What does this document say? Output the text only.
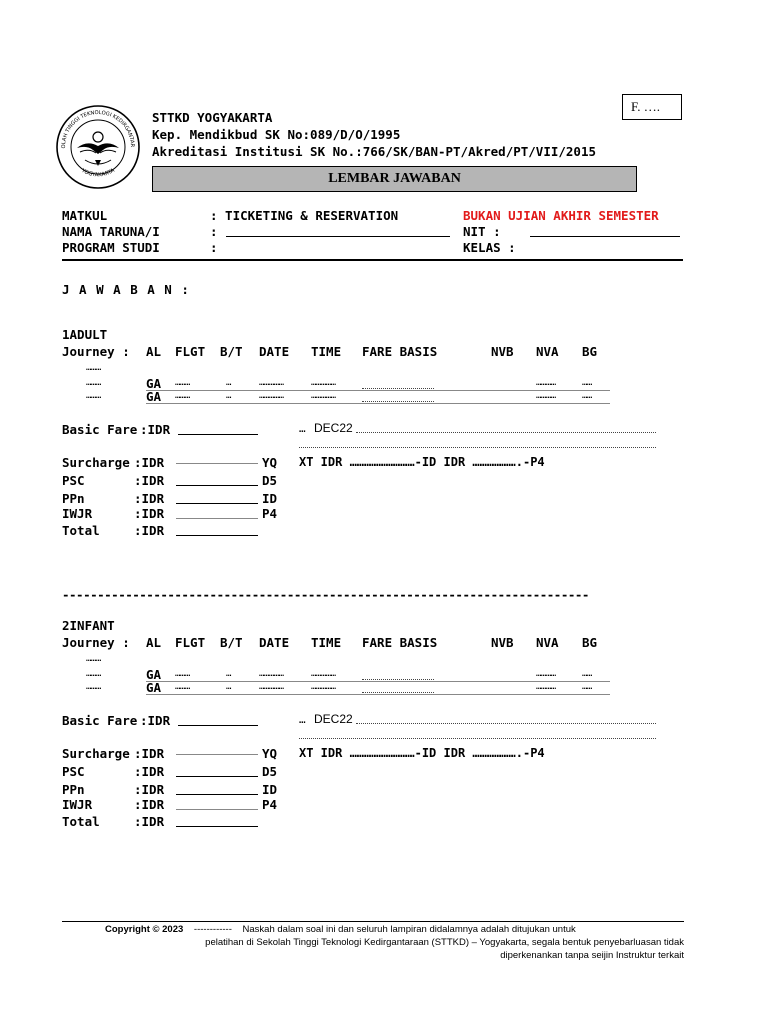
OLAH TINGGI TEKNOLOGI KEDIRGANTAR
YOGYAKARTA
F. ….
STTKD YOGYAKARTA
Kep. Mendikbud SK No:089/D/O/1995
Akreditasi Institusi SK No.:766/SK/BAN-PT/Akred/PT/VII/2015
LEMBAR JAWABAN
MATKUL	: TICKETING & RESERVATION	BUKAN UJIAN AKHIR SEMESTER
NAMA TARUNA/I	:	NIT :
PROGRAM STUDI	:	KELAS :
J A W A B A N :
1ADULT
Journey : AL FLGT B/T DATE TIME FARE BASIS	NVB NVA BG
………
………	GA ………	…	……………	……………	…………	……
………	GA ………	…	……………	……………	…………	……
Basic Fare :IDR	… DEC22
Surcharge :IDR	YQ XT IDR ………………………-ID IDR ……………….-P4
PSC	:IDR	D5
PPn	:IDR	ID
IWJR	:IDR	P4
Total	:IDR
2INFANT
Journey : AL FLGT B/T DATE TIME FARE BASIS	NVB NVA BG
………
………	GA ………	…	……………	……………	…………	……
………	GA ………	…	……………	……………	…………	……
Basic Fare :IDR	… DEC22
Surcharge :IDR	YQ XT IDR ………………………-ID IDR ……………….-P4
PSC	:IDR	D5
PPn	:IDR	ID
IWJR	:IDR	P4
Total	:IDR
---------------------------------------------------------------------------
Copyright © 2023 ------------ Naskah dalam soal ini dan seluruh lampiran didalamnya adalah ditujukan untuk
pelatihan di Sekolah Tinggi Teknologi Kedirgantaraan (STTKD) – Yogyakarta, segala bentuk penyebarluasan tidak
diperkenankan tanpa seijin Instruktur terkait
